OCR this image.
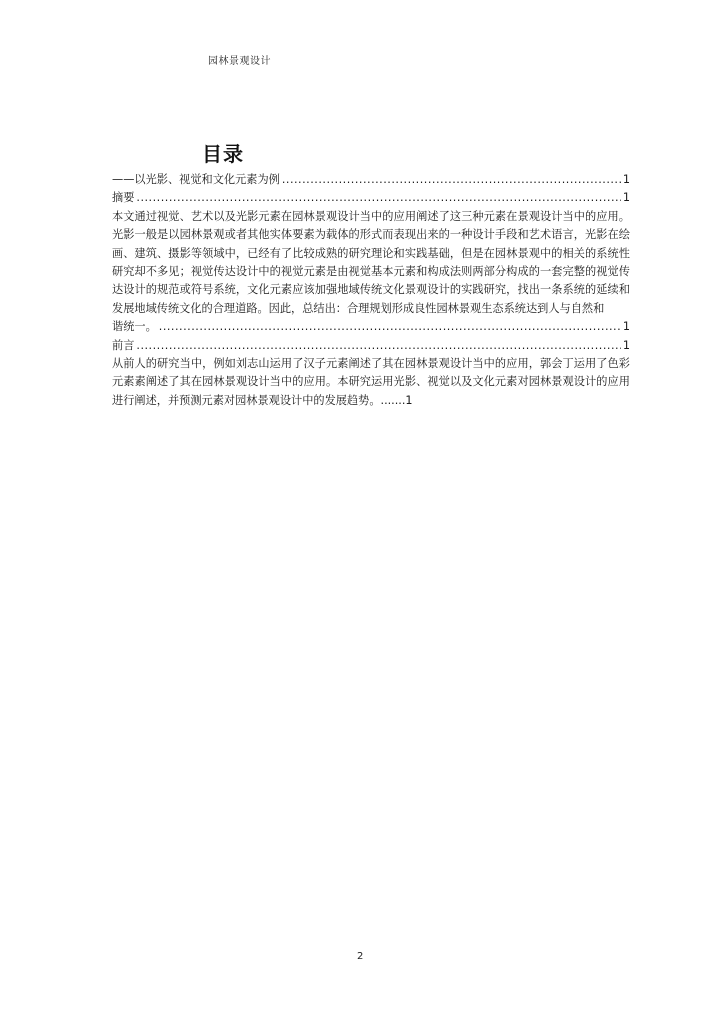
园林景观设计
目录
——以光影、视觉和文化元素为例 .....	1
摘要 .....	1
本文通过视觉、艺术以及光影元素在园林景观设计当中的应用阐述了这三种元素在景观设计当中的应用。光影一般是以园林景观或者其他实体要素为载体的形式而表现出来的一种设计手段和艺术语言，光影在绘画、建筑、摄影等领域中，已经有了比较成熟的研究理论和实践基础，但是在园林景观中的相关的系统性研究却不多见；视觉传达设计中的视觉元素是由视觉基本元素和构成法则两部分构成的一套完整的视觉传达设计的规范或符号系统，文化元素应该加强地域传统文化景观设计的实践研究，找出一条系统的延续和发展地域传统文化的合理道路。因此，总结出：合理规划形成良性园林景观生态系统达到人与自然和
谐统一。 .....	1
前言 .....	1
从前人的研究当中，例如刘志山运用了汉子元素阐述了其在园林景观设计当中的应用，郭会丁运用了色彩元素素阐述了其在园林景观设计当中的应用。本研究运用光影、视觉以及文化元素对园林景观设计的应用进行阐述，并预测元素对园林景观设计中的发展趋势。.......1
2
